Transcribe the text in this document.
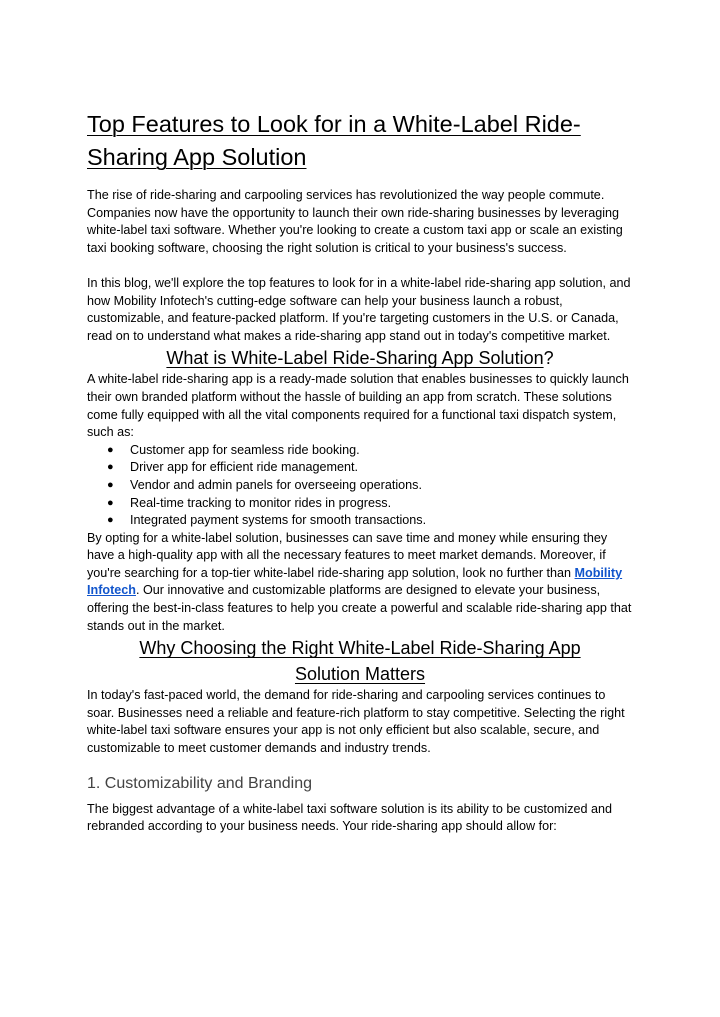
Top Features to Look for in a White-Label Ride-Sharing App Solution

The rise of ride-sharing and carpooling services has revolutionized the way people commute. Companies now have the opportunity to launch their own ride-sharing businesses by leveraging white-label taxi software. Whether you're looking to create a custom taxi app or scale an existing taxi booking software, choosing the right solution is critical to your business's success.

In this blog, we'll explore the top features to look for in a white-label ride-sharing app solution, and how Mobility Infotech's cutting-edge software can help your business launch a robust, customizable, and feature-packed platform. If you're targeting customers in the U.S. or Canada, read on to understand what makes a ride-sharing app stand out in today's competitive market.

What is White-Label Ride-Sharing App Solution?

A white-label ride-sharing app is a ready-made solution that enables businesses to quickly launch their own branded platform without the hassle of building an app from scratch. These solutions come fully equipped with all the vital components required for a functional taxi dispatch system, such as:

● Customer app for seamless ride booking.
● Driver app for efficient ride management.
● Vendor and admin panels for overseeing operations.
● Real-time tracking to monitor rides in progress.
● Integrated payment systems for smooth transactions.

By opting for a white-label solution, businesses can save time and money while ensuring they have a high-quality app with all the necessary features to meet market demands. Moreover, if you're searching for a top-tier white-label ride-sharing app solution, look no further than Mobility Infotech. Our innovative and customizable platforms are designed to elevate your business, offering the best-in-class features to help you create a powerful and scalable ride-sharing app that stands out in the market.

Why Choosing the Right White-Label Ride-Sharing App
Solution Matters

In today's fast-paced world, the demand for ride-sharing and carpooling services continues to soar. Businesses need a reliable and feature-rich platform to stay competitive. Selecting the right white-label taxi software ensures your app is not only efficient but also scalable, secure, and customizable to meet customer demands and industry trends.

1. Customizability and Branding

The biggest advantage of a white-label taxi software solution is its ability to be customized and rebranded according to your business needs. Your ride-sharing app should allow for:
